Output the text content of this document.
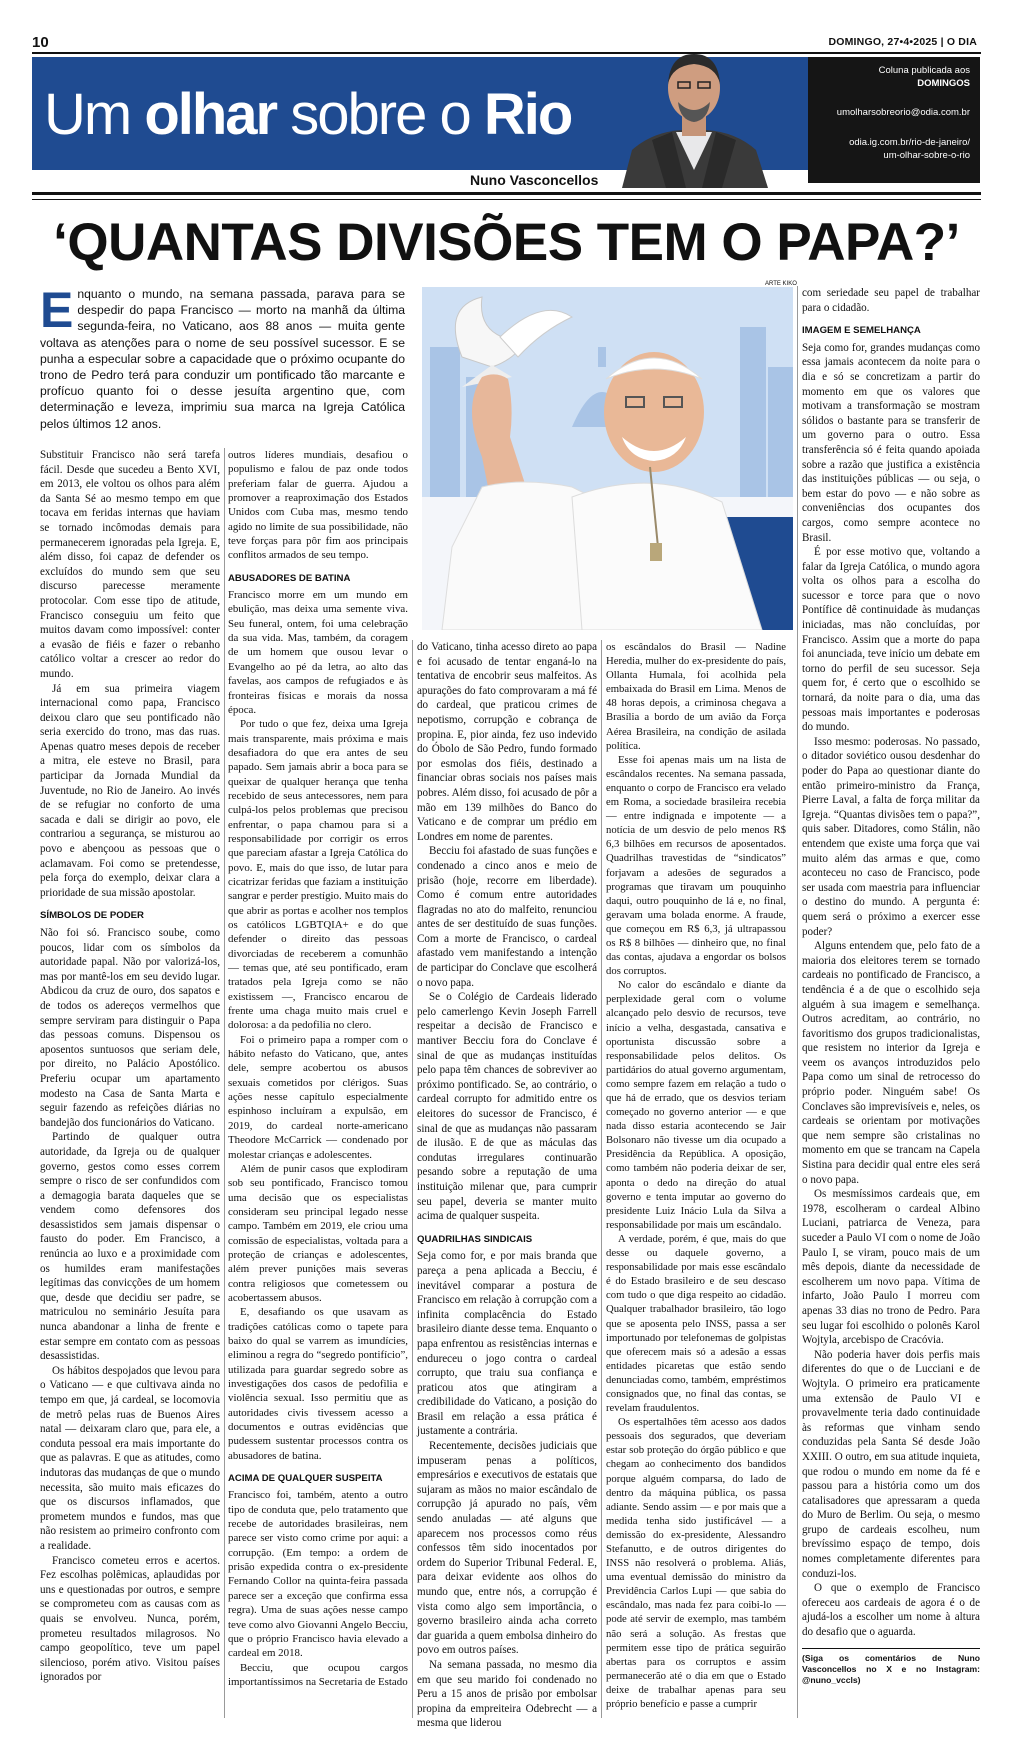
10	DOMINGO, 27•4•2025 | O DIA
Um olhar sobre o Rio
Nuno Vasconcellos
Coluna publicada aos
DOMINGOS
umolharsobreorio@odia.com.br
odia.ig.com.br/rio-de-janeiro/
um-olhar-sobre-o-rio
‘QUANTAS DIVISÕES TEM O PAPA?’
Enquanto o mundo, na semana passada, parava para se despedir do papa Francisco — morto na manhã da última segunda-feira, no Vaticano, aos 88 anos — muita gente voltava as atenções para o nome de seu possível sucessor. E se punha a especular sobre a capacidade que o próximo ocupante do trono de Pedro terá para conduzir um pontificado tão marcante e profícuo quanto foi o desse jesuíta argentino que, com determinação e leveza, imprimiu sua marca na Igreja Católica pelos últimos 12 anos.
ARTE KIKO

Substituir Francisco não será tarefa fácil. Desde que sucedeu a Bento XVI, em 2013, ele voltou os olhos para além da Santa Sé ao mesmo tempo em que tocava em feridas internas que haviam se tornado incômodas demais para permanecerem ignoradas pela Igreja. E, além disso, foi capaz de defender os excluídos do mundo sem que seu discurso parecesse meramente protocolar. Com esse tipo de atitude, Francisco conseguiu um feito que muitos davam como impossível: conter a evasão de fiéis e fazer o rebanho católico voltar a crescer ao redor do mundo.

Já em sua primeira viagem internacional como papa, Francisco deixou claro que seu pontificado não seria exercido do trono, mas das ruas. Apenas quatro meses depois de receber a mitra, ele esteve no Brasil, para participar da Jornada Mundial da Juventude, no Rio de Janeiro. Ao invés de se refugiar no conforto de uma sacada e dali se dirigir ao povo, ele contrariou a segurança, se misturou ao povo e abençoou as pessoas que o aclamavam. Foi como se pretendesse, pela força do exemplo, deixar clara a prioridade de sua missão apostolar.

SÍMBOLOS DE PODER

Não foi só. Francisco soube, como poucos, lidar com os símbolos da autoridade papal. Não por valorizá-los, mas por mantê-los em seu devido lugar. Abdicou da cruz de ouro, dos sapatos e de todos os adereços vermelhos que sempre serviram para distinguir o Papa das pessoas comuns. Dispensou os aposentos suntuosos que seriam dele, por direito, no Palácio Apostólico. Preferiu ocupar um apartamento modesto na Casa de Santa Marta e seguir fazendo as refeições diárias no bandejão dos funcionários do Vaticano.

Partindo de qualquer outra autoridade, da Igreja ou de qualquer governo, gestos como esses correm sempre o risco de ser confundidos com a demagogia barata daqueles que se vendem como defensores dos desassistidos sem jamais dispensar o fausto do poder. Em Francisco, a renúncia ao luxo e a proximidade com os humildes eram manifestações legítimas das convicções de um homem que, desde que decidiu ser padre, se matriculou no seminário Jesuíta para nunca abandonar a linha de frente e estar sempre em contato com as pessoas desassistidas.

Os hábitos despojados que levou para o Vaticano — e que cultivava ainda no tempo em que, já cardeal, se locomovia de metrô pelas ruas de Buenos Aires natal — deixaram claro que, para ele, a conduta pessoal era mais importante do que as palavras. E que as atitudes, como indutoras das mudanças de que o mundo necessita, são muito mais eficazes do que os discursos inflamados, que prometem mundos e fundos, mas que não resistem ao primeiro confronto com a realidade.

Francisco cometeu erros e acertos. Fez escolhas polêmicas, aplaudidas por uns e questionadas por outros, e sempre se comprometeu com as causas com as quais se envolveu. Nunca, porém, prometeu resultados milagrosos. No campo geopolítico, teve um papel silencioso, porém ativo. Visitou países ignorados por

outros líderes mundiais, desafiou o populismo e falou de paz onde todos preferiam falar de guerra. Ajudou a promover a reaproximação dos Estados Unidos com Cuba mas, mesmo tendo agido no limite de sua possibilidade, não teve forças para pôr fim aos principais conflitos armados de seu tempo.

ABUSADORES DE BATINA

Francisco morre em um mundo em ebulição, mas deixa uma semente viva. Seu funeral, ontem, foi uma celebração da sua vida. Mas, também, da coragem de um homem que ousou levar o Evangelho ao pé da letra, ao alto das favelas, aos campos de refugiados e às fronteiras físicas e morais da nossa época.

Por tudo o que fez, deixa uma Igreja mais transparente, mais próxima e mais desafiadora do que era antes de seu papado. Sem jamais abrir a boca para se queixar de qualquer herança que tenha recebido de seus antecessores, nem para culpá-los pelos problemas que precisou enfrentar, o papa chamou para si a responsabilidade por corrigir os erros que pareciam afastar a Igreja Católica do povo. E, mais do que isso, de lutar para cicatrizar feridas que faziam a instituição sangrar e perder prestígio. Muito mais do que abrir as portas e acolher nos templos os católicos LGBTQIA+ e do que defender o direito das pessoas divorciadas de receberem a comunhão — temas que, até seu pontificado, eram tratados pela Igreja como se não existissem —, Francisco encarou de frente uma chaga muito mais cruel e dolorosa: a da pedofilia no clero.

Foi o primeiro papa a romper com o hábito nefasto do Vaticano, que, antes dele, sempre acobertou os abusos sexuais cometidos por clérigos. Suas ações nesse capítulo especialmente espinhoso incluíram a expulsão, em 2019, do cardeal norte-americano Theodore McCarrick — condenado por molestar crianças e adolescentes.

Além de punir casos que explodiram sob seu pontificado, Francisco tomou uma decisão que os especialistas consideram seu principal legado nesse campo. Também em 2019, ele criou uma comissão de especialistas, voltada para a proteção de crianças e adolescentes, além prever punições mais severas contra religiosos que cometessem ou acobertassem abusos.

E, desafiando os que usavam as tradições católicas como o tapete para baixo do qual se varrem as imundícies, eliminou a regra do “segredo pontifício”, utilizada para guardar segredo sobre as investigações dos casos de pedofilia e violência sexual. Isso permitiu que as autoridades civis tivessem acesso a documentos e outras evidências que pudessem sustentar processos contra os abusadores de batina.

ACIMA DE QUALQUER SUSPEITA

Francisco foi, também, atento a outro tipo de conduta que, pelo tratamento que recebe de autoridades brasileiras, nem parece ser visto como crime por aqui: a corrupção. (Em tempo: a ordem de prisão expedida contra o ex-presidente Fernando Collor na quinta-feira passada parece ser a exceção que confirma essa regra). Uma de suas ações nesse campo teve como alvo Giovanni Angelo Becciu, que o próprio Francisco havia elevado a cardeal em 2018.

Becciu, que ocupou cargos importantíssimos na Secretaria de Estado

do Vaticano, tinha acesso direto ao papa e foi acusado de tentar enganá-lo na tentativa de encobrir seus malfeitos. As apurações do fato comprovaram a má fé do cardeal, que praticou crimes de nepotismo, corrupção e cobrança de propina. E, pior ainda, fez uso indevido do Óbolo de São Pedro, fundo formado por esmolas dos fiéis, destinado a financiar obras sociais nos países mais pobres. Além disso, foi acusado de pôr a mão em 139 milhões do Banco do Vaticano e de comprar um prédio em Londres em nome de parentes.

Becciu foi afastado de suas funções e condenado a cinco anos e meio de prisão (hoje, recorre em liberdade). Como é comum entre autoridades flagradas no ato do malfeito, renunciou antes de ser destituído de suas funções. Com a morte de Francisco, o cardeal afastado vem manifestando a intenção de participar do Conclave que escolherá o novo papa.

Se o Colégio de Cardeais liderado pelo camerlengo Kevin Joseph Farrell respeitar a decisão de Francisco e mantiver Becciu fora do Conclave é sinal de que as mudanças instituídas pelo papa têm chances de sobreviver ao próximo pontificado. Se, ao contrário, o cardeal corrupto for admitido entre os eleitores do sucessor de Francisco, é sinal de que as mudanças não passaram de ilusão. E de que as máculas das condutas irregulares continuarão pesando sobre a reputação de uma instituição milenar que, para cumprir seu papel, deveria se manter muito acima de qualquer suspeita.

QUADRILHAS SINDICAIS

Seja como for, e por mais branda que pareça a pena aplicada a Becciu, é inevitável comparar a postura de Francisco em relação à corrupção com a infinita complacência do Estado brasileiro diante desse tema. Enquanto o papa enfrentou as resistências internas e endureceu o jogo contra o cardeal corrupto, que traiu sua confiança e praticou atos que atingiram a credibilidade do Vaticano, a posição do Brasil em relação a essa prática é justamente a contrária.

Recentemente, decisões judiciais que impuseram penas a políticos, empresários e executivos de estatais que sujaram as mãos no maior escândalo de corrupção já apurado no país, vêm sendo anuladas — até alguns que aparecem nos processos como réus confessos têm sido inocentados por ordem do Superior Tribunal Federal. E, para deixar evidente aos olhos do mundo que, entre nós, a corrupção é vista como algo sem importância, o governo brasileiro ainda acha correto dar guarida a quem embolsa dinheiro do povo em outros países.

Na semana passada, no mesmo dia em que seu marido foi condenado no Peru a 15 anos de prisão por embolsar propina da empreiteira Odebrecht — a mesma que liderou

os escândalos do Brasil — Nadine Heredia, mulher do ex-presidente do país, Ollanta Humala, foi acolhida pela embaixada do Brasil em Lima. Menos de 48 horas depois, a criminosa chegava a Brasília a bordo de um avião da Força Aérea Brasileira, na condição de asilada política.

Esse foi apenas mais um na lista de escândalos recentes. Na semana passada, enquanto o corpo de Francisco era velado em Roma, a sociedade brasileira recebia — entre indignada e impotente — a notícia de um desvio de pelo menos R$ 6,3 bilhões em recursos de aposentados. Quadrilhas travestidas de “sindicatos” forjavam a adesões de segurados a programas que tiravam um pouquinho daqui, outro pouquinho de lá e, no final, geravam uma bolada enorme. A fraude, que começou em R$ 6,3, já ultrapassou os R$ 8 bilhões — dinheiro que, no final das contas, ajudava a engordar os bolsos dos corruptos.

No calor do escândalo e diante da perplexidade geral com o volume alcançado pelo desvio de recursos, teve início a velha, desgastada, cansativa e oportunista discussão sobre a responsabilidade pelos delitos. Os partidários do atual governo argumentam, como sempre fazem em relação a tudo o que há de errado, que os desvios teriam começado no governo anterior — e que nada disso estaria acontecendo se Jair Bolsonaro não tivesse um dia ocupado a Presidência da República. A oposição, como também não poderia deixar de ser, aponta o dedo na direção do atual governo e tenta imputar ao governo do presidente Luiz Inácio Lula da Silva a responsabilidade por mais um escândalo.

A verdade, porém, é que, mais do que desse ou daquele governo, a responsabilidade por mais esse escândalo é do Estado brasileiro e de seu descaso com tudo o que diga respeito ao cidadão. Qualquer trabalhador brasileiro, tão logo que se aposenta pelo INSS, passa a ser importunado por telefonemas de golpistas que oferecem mais só a adesão a essas entidades picaretas que estão sendo denunciadas como, também, empréstimos consignados que, no final das contas, se revelam fraudulentos.

Os espertalhões têm acesso aos dados pessoais dos segurados, que deveriam estar sob proteção do órgão público e que chegam ao conhecimento dos bandidos porque alguém comparsa, do lado de dentro da máquina pública, os passa adiante. Sendo assim — e por mais que a medida tenha sido justificável — a demissão do ex-presidente, Alessandro Stefanutto, e de outros dirigentes do INSS não resolverá o problema. Aliás, uma eventual demissão do ministro da Previdência Carlos Lupi — que sabia do escândalo, mas nada fez para coibi-lo — pode até servir de exemplo, mas também não será a solução. As frestas que permitem esse tipo de prática seguirão abertas para os corruptos e assim permanecerão até o dia em que o Estado deixe de trabalhar apenas para seu próprio benefício e passe a cumprir

com seriedade seu papel de trabalhar para o cidadão.

IMAGEM E SEMELHANÇA

Seja como for, grandes mudanças como essa jamais acontecem da noite para o dia e só se concretizam a partir do momento em que os valores que motivam a transformação se mostram sólidos o bastante para se transferir de um governo para o outro. Essa transferência só é feita quando apoiada sobre a razão que justifica a existência das instituições públicas — ou seja, o bem estar do povo — e não sobre as conveniências dos ocupantes dos cargos, como sempre acontece no Brasil.

É por esse motivo que, voltando a falar da Igreja Católica, o mundo agora volta os olhos para a escolha do sucessor e torce para que o novo Pontífice dê continuidade às mudanças iniciadas, mas não concluídas, por Francisco. Assim que a morte do papa foi anunciada, teve início um debate em torno do perfil de seu sucessor. Seja quem for, é certo que o escolhido se tornará, da noite para o dia, uma das pessoas mais importantes e poderosas do mundo.

Isso mesmo: poderosas. No passado, o ditador soviético ousou desdenhar do poder do Papa ao questionar diante do então primeiro-ministro da França, Pierre Laval, a falta de força militar da Igreja. “Quantas divisões tem o papa?”, quis saber. Ditadores, como Stálin, não entendem que existe uma força que vai muito além das armas e que, como aconteceu no caso de Francisco, pode ser usada com maestria para influenciar o destino do mundo. A pergunta é: quem será o próximo a exercer esse poder?

Alguns entendem que, pelo fato de a maioria dos eleitores terem se tornado cardeais no pontificado de Francisco, a tendência é a de que o escolhido seja alguém à sua imagem e semelhança. Outros acreditam, ao contrário, no favoritismo dos grupos tradicionalistas, que resistem no interior da Igreja e veem os avanços introduzidos pelo Papa como um sinal de retrocesso do próprio poder. Ninguém sabe! Os Conclaves são imprevisíveis e, neles, os cardeais se orientam por motivações que nem sempre são cristalinas no momento em que se trancam na Capela Sistina para decidir qual entre eles será o novo papa.

Os mesmíssimos cardeais que, em 1978, escolheram o cardeal Albino Luciani, patriarca de Veneza, para suceder a Paulo VI com o nome de João Paulo I, se viram, pouco mais de um mês depois, diante da necessidade de escolherem um novo papa. Vítima de infarto, João Paulo I morreu com apenas 33 dias no trono de Pedro. Para seu lugar foi escolhido o polonês Karol Wojtyla, arcebispo de Cracóvia.

Não poderia haver dois perfis mais diferentes do que o de Lucciani e de Wojtyla. O primeiro era praticamente uma extensão de Paulo VI e provavelmente teria dado continuidade às reformas que vinham sendo conduzidas pela Santa Sé desde João XXIII. O outro, em sua atitude inquieta, que rodou o mundo em nome da fé e passou para a história como um dos catalisadores que apressaram a queda do Muro de Berlim. Ou seja, o mesmo grupo de cardeais escolheu, num brevíssimo espaço de tempo, dois nomes completamente diferentes para conduzi-los.

O que o exemplo de Francisco ofereceu aos cardeais de agora é o de ajudá-los a escolher um nome à altura do desafio que o aguarda.

(Siga os comentários de Nuno Vasconcellos no X e no Instagram: @nuno_vccls)
